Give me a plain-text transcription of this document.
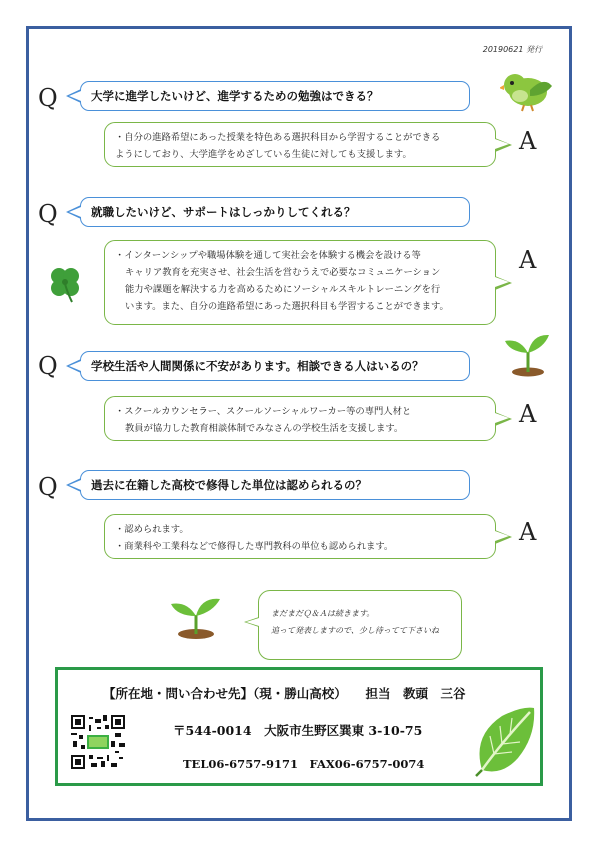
20190621 発行
Q	大学に進学したいけど、進学するための勉強はできる？

・自分の進路希望にあった授業を特色ある選択科目から学習することができる

ようにしており、大学進学をめざしている生徒に対しても支援します。	A
Q	就職したいけど、サポートはしっかりしてくれる？

・インターンシップや職場体験を通して実社会を体験する機会を設ける等

キャリア教育を充実させ、社会生活を営むうえで必要なコミュニケーション

能力や課題を解決する力を高めるためにソーシャルスキルトレーニングを行

います。また、自分の進路希望にあった選択科目も学習することができます。

A
Q	学校生活や人間関係に不安があります。相談できる人はいるの？

・スクールカウンセラー、スクールソーシャルワーカー等の専門人材と

教員が協力した教育相談体制でみなさんの学校生活を支援します。

A
Q	過去に在籍した高校で修得した単位は認められるの？

・認められます。

・商業科や工業科などで修得した専門教科の単位も認められます。

A

まだまだＱ＆Ａは続きます。

追って発表しますので、少し待ってて下さいね

【所在地・問い合わせ先】（現・勝山高校）　　担当　教頭　三谷
〒544-0014　大阪市生野区巽東 3-10-75
TEL06-6757-9171　FAX06-6757-0074
